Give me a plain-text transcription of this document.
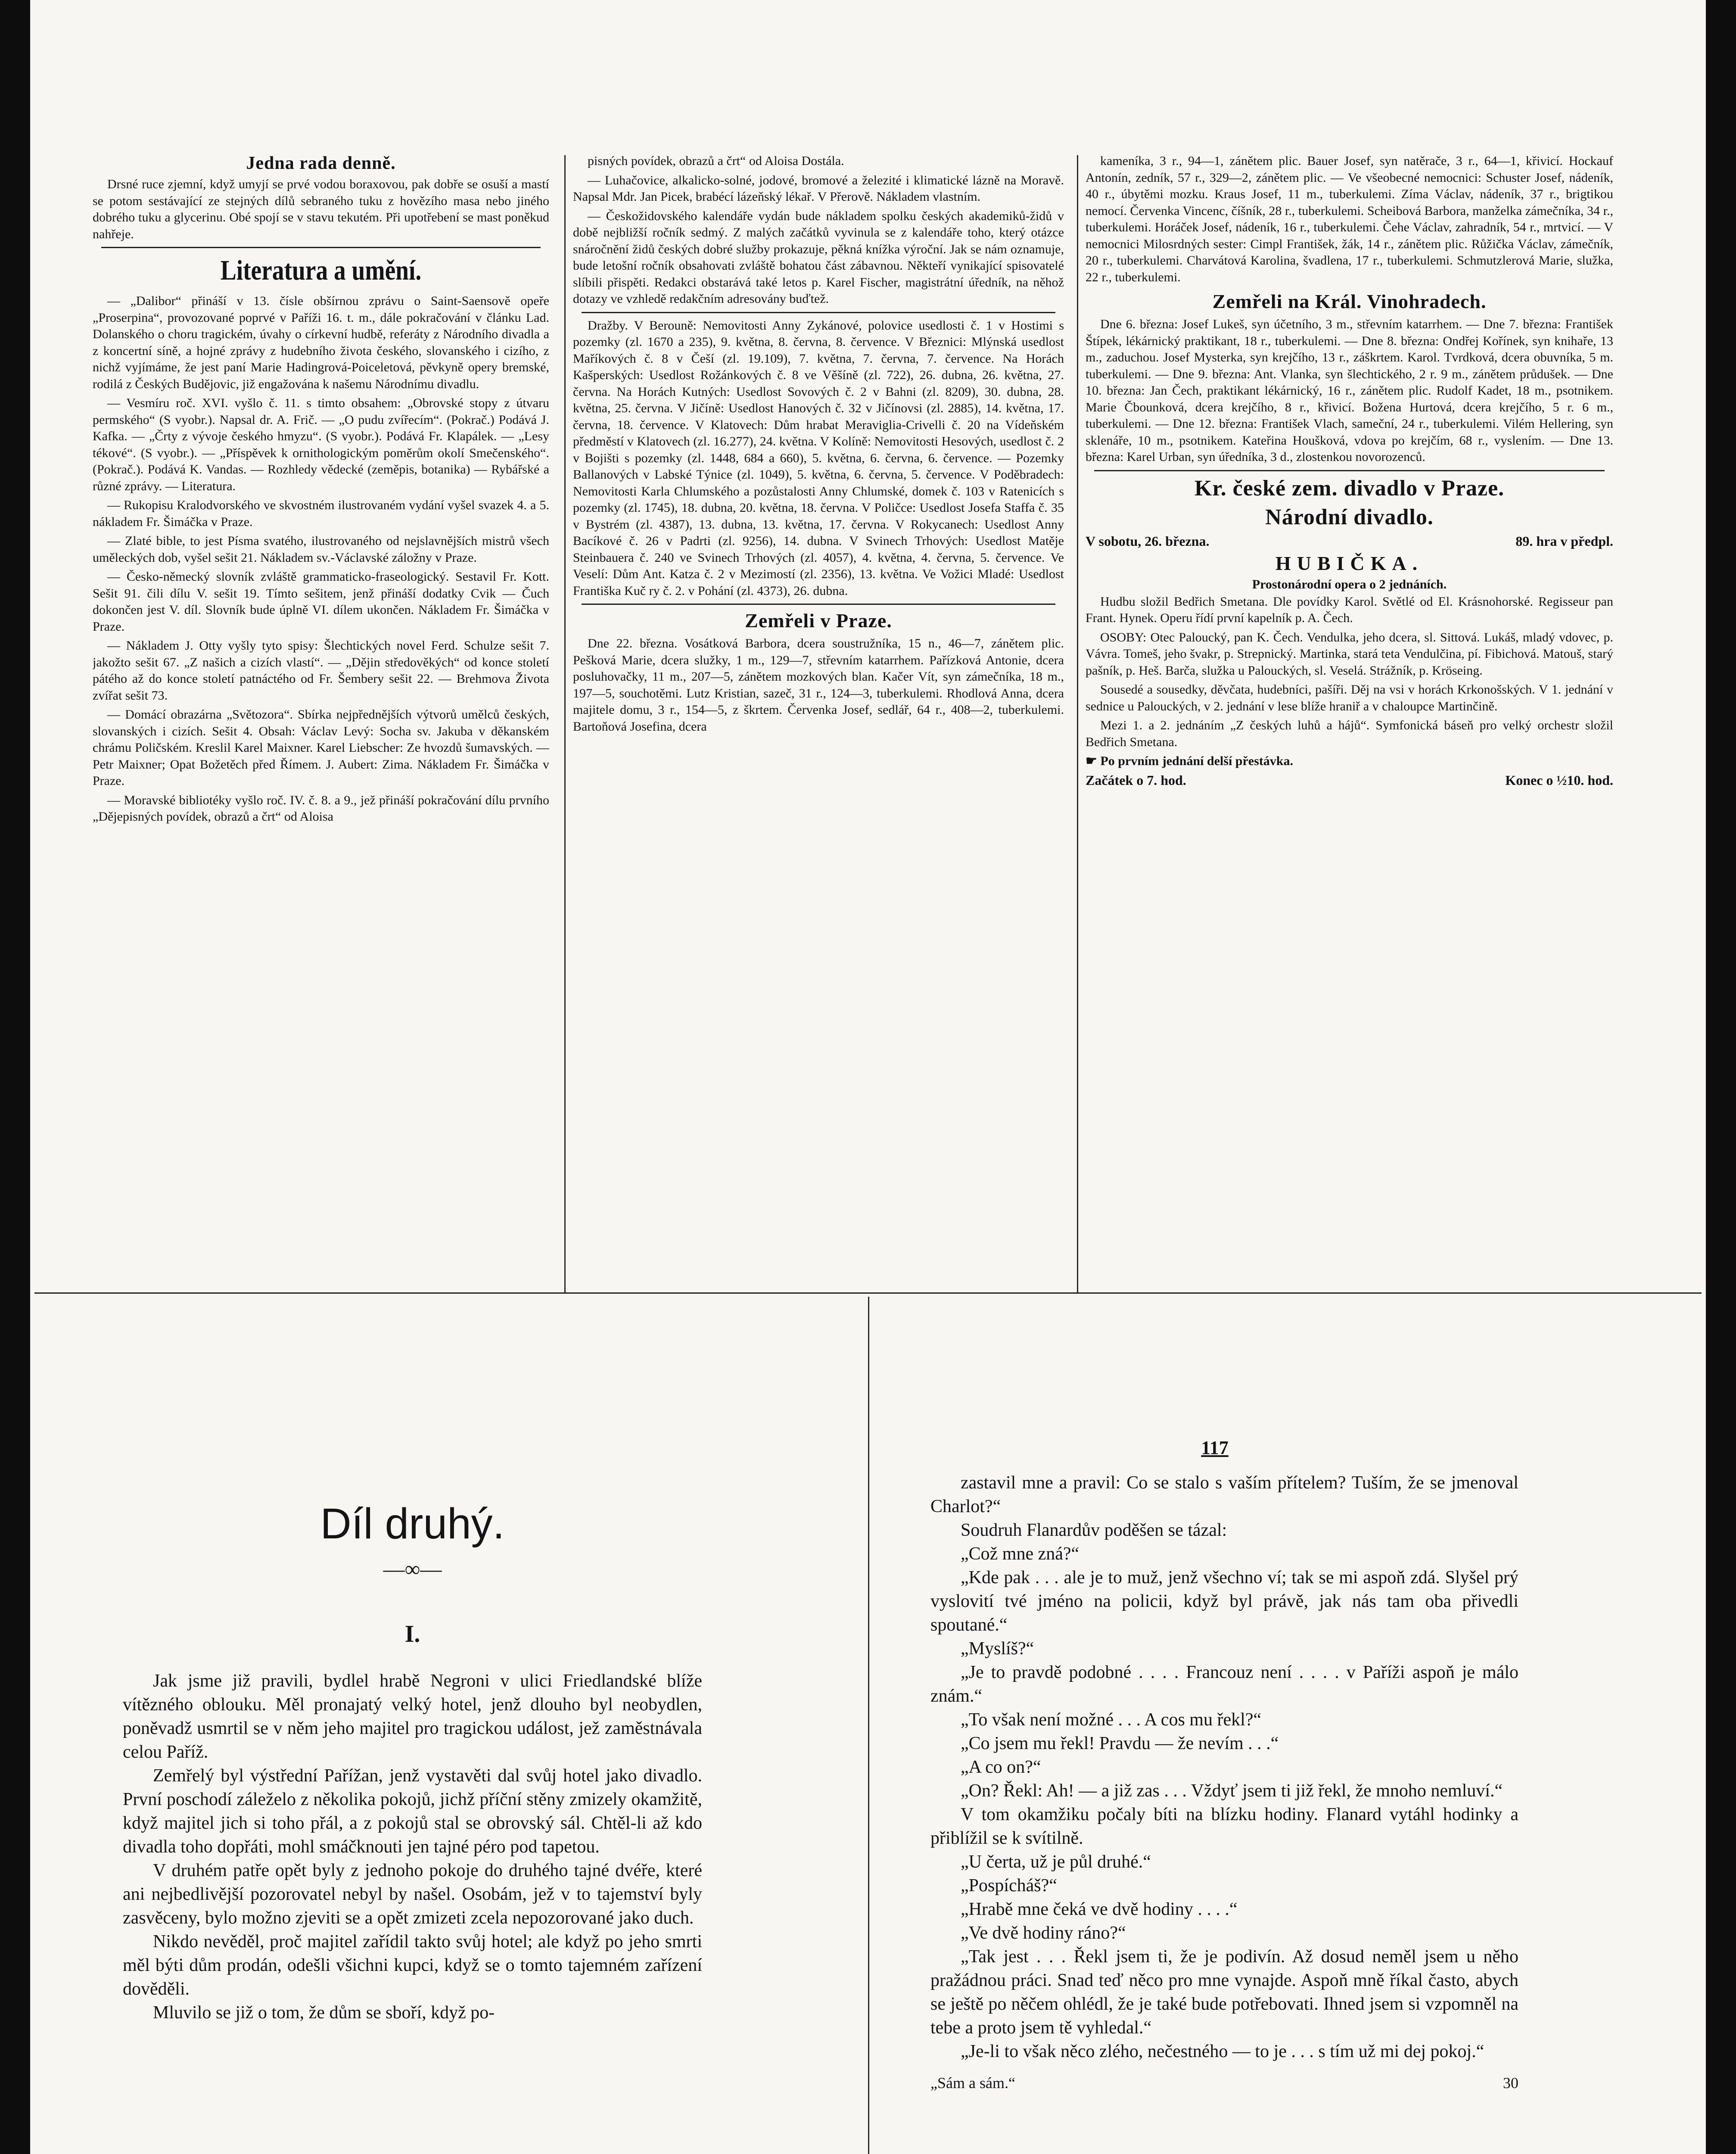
Jedna rada denně.

Drsné ruce zjemní, když umyjí se prvé vodou boraxovou, pak dobře se osuší a mastí se potom sestávající ze stejných dílů sebraného tuku z hovězího masa nebo jiného dobrého tuku a glycerinu. Obé spojí se v stavu tekutém. Při upotřebení se mast poněkud nahřeje.

Literatura a umění.

— „Dalibor“ přináší v 13. čísle obšírnou zprávu o Saint-Saensově opeře „Proserpina“, provozované poprvé v Paříži 16. t. m., dále pokračování v článku Lad. Dolanského o choru tragickém, úvahy o církevní hudbě, referáty z Národního divadla a z koncertní síně, a hojné zprávy z hudebního života českého, slovanského i cizího, z nichž vyjímáme, že jest paní Marie Hadingrová-Poiceletová, pěvkyně opery bremské, rodilá z Českých Budějovic, již engažována k našemu Národnímu divadlu.

— Vesmíru roč. XVI. vyšlo č. 11. s timto obsahem: „Obrovské stopy z útvaru permského“ (S vyobr.). Napsal dr. A. Frič. — „O pudu zvířecím“. (Pokrač.) Podává J. Kafka. — „Črty z vývoje českého hmyzu“. (S vyobr.). Podává Fr. Klapálek. — „Lesy tékové“. (S vyobr.). — „Příspěvek k ornithologickým poměrům okolí Smečenského“. (Pokrač.). Podává K. Vandas. — Rozhledy vědecké (zeměpis, botanika) — Rybářské a různé zprávy. — Literatura.

— Rukopisu Kralodvorského ve skvostném ilustrovaném vydání vyšel svazek 4. a 5. nákladem Fr. Šimáčka v Praze.

— Zlaté bible, to jest Písma svatého, ilustrovaného od nejslavnějších mistrů všech uměleckých dob, vyšel sešit 21. Nákladem sv.-Václavské záložny v Praze.

— Česko-německý slovník zvláště grammaticko-fraseologický. Sestavil Fr. Kott. Sešit 91. čili dílu V. sešit 19. Tímto sešitem, jenž přináší dodatky Cvik — Čuch dokončen jest V. díl. Slovník bude úplně VI. dílem ukončen. Nákladem Fr. Šimáčka v Praze.

— Nákladem J. Otty vyšly tyto spisy: Šlechtických novel Ferd. Schulze sešit 7. jakožto sešit 67. „Z našich a cizích vlastí“. — „Dějin středověkých“ od konce století pátého až do konce století patnáctého od Fr. Šembery sešit 22. — Brehmova Života zvířat sešit 73.

— Domácí obrazárna „Světozora“. Sbírka nejpřednějších výtvorů umělců českých, slovanských i cizích. Sešit 4. Obsah: Václav Levý: Socha sv. Jakuba v děkanském chrámu Poličském. Kreslil Karel Maixner. Karel Liebscher: Ze hvozdů šumavských. — Petr Maixner; Opat Božetěch před Římem. J. Aubert: Zima. Nákladem Fr. Šimáčka v Praze.

— Moravské bibliotéky vyšlo roč. IV. č. 8. a 9., jež přináší pokračování dílu prvního „Dějepisných povídek, obrazů a črt“ od Aloisa

pisných povídek, obrazů a črt“ od Aloisa Dostála.

— Luhačovice, alkalicko-solné, jodové, bromové a železité i klimatické lázně na Moravě. Napsal Mdr. Jan Picek, brabécí lázeňský lékař. V Přerově. Nákladem vlastním.

— Českožidovského kalendáře vydán bude nákladem spolku českých akademiků-židů v době nejbližší ročník sedmý. Z malých začátků vyvinula se z kalendáře toho, který otázce snáročnění židů českých dobré služby prokazuje, pěkná knížka výroční. Jak se nám oznamuje, bude letošní ročník obsahovati zvláště bohatou část zábavnou. Někteří vynikající spisovatelé slíbili přispěti. Redakci obstarává také letos p. Karel Fischer, magistrátní úředník, na něhož dotazy ve vzhledě redakčním adresovány buďtež.

Dražby. V Berouně: Nemovitosti Anny Zykánové, polovice usedlosti č. 1 v Hostimi s pozemky (zl. 1670 a 235), 9. května, 8. června, 8. července. V Březnici: Mlýnská usedlost Maříkových č. 8 v Češí (zl. 19.109), 7. května, 7. června, 7. července. Na Horách Kašperských: Usedlost Rožánkových č. 8 ve Věšíně (zl. 722), 26. dubna, 26. května, 27. června. Na Horách Kutných: Usedlost Sovových č. 2 v Bahni (zl. 8209), 30. dubna, 28. května, 25. června. V Jičíně: Usedlost Hanových č. 32 v Jičínovsi (zl. 2885), 14. května, 17. června, 18. července. V Klatovech: Dům hrabat Meraviglia-Crivelli č. 20 na Vídeňském předměstí v Klatovech (zl. 16.277), 24. května. V Kolíně: Nemovitosti Hesových, usedlost č. 2 v Bojišti s pozemky (zl. 1448, 684 a 660), 5. května, 6. června, 6. července. — Pozemky Ballanových v Labské Týnice (zl. 1049), 5. května, 6. června, 5. července. V Poděbradech: Nemovitosti Karla Chlumského a pozůstalosti Anny Chlumské, domek č. 103 v Ratenicích s pozemky (zl. 1745), 18. dubna, 20. května, 18. června. V Poličce: Usedlost Josefa Staffa č. 35 v Bystrém (zl. 4387), 13. dubna, 13. května, 17. června. V Rokycanech: Usedlost Anny Bacíkové č. 26 v Padrti (zl. 9256), 14. dubna. V Svinech Trhových: Usedlost Matěje Steinbauera č. 240 ve Svinech Trhových (zl. 4057), 4. května, 4. června, 5. července. Ve Veselí: Dům Ant. Katza č. 2 v Mezimostí (zl. 2356), 13. května. Ve Vožici Mladé: Usedlost Františka Kuč ry č. 2. v Pohání (zl. 4373), 26. dubna.

Zemřeli v Praze.

Dne 22. března. Vosátková Barbora, dcera soustružníka, 15 n., 46—7, zánětem plic. Pešková Marie, dcera služky, 1 m., 129—7, střevním katarrhem. Pařízková Antonie, dcera posluhovačky, 11 m., 207—5, zánětem mozkových blan. Kačer Vít, syn zámečníka, 18 m., 197—5, souchotěmi. Lutz Kristian, sazeč, 31 r., 124—3, tuberkulemi. Rhodlová Anna, dcera majitele domu, 3 r., 154—5, z škrtem. Červenka Josef, sedlář, 64 r., 408—2, tuberkulemi. Bartoňová Josefina, dcera

kameníka, 3 r., 94—1, zánětem plic. Bauer Josef, syn natěrače, 3 r., 64—1, křivicí. Hockauf Antonín, zedník, 57 r., 329—2, zánětem plic. — Ve všeobecné nemocnici: Schuster Josef, nádeník, 40 r., úbytěmi mozku. Kraus Josef, 11 m., tuberkulemi. Zíma Václav, nádeník, 37 r., brigtikou nemocí. Červenka Vincenc, číšník, 28 r., tuberkulemi. Scheibová Barbora, manželka zámečníka, 34 r., tuberkulemi. Horáček Josef, nádeník, 16 r., tuberkulemi. Čehe Václav, zahradník, 54 r., mrtvicí. — V nemocnici Milosrdných sester: Cimpl František, žák, 14 r., zánětem plic. Růžička Václav, zámečník, 20 r., tuberkulemi. Charvátová Karolina, švadlena, 17 r., tuberkulemi. Schmutzlerová Marie, služka, 22 r., tuberkulemi.

Zemřeli na Král. Vinohradech.

Dne 6. března: Josef Lukeš, syn účetního, 3 m., střevním katarrhem. — Dne 7. března: František Štípek, lékárnický praktikant, 18 r., tuberkulemi. — Dne 8. března: Ondřej Kořínek, syn knihaře, 13 m., zaduchou. Josef Mysterka, syn krejčího, 13 r., záškrtem. Karol. Tvrdková, dcera obuvníka, 5 m. tuberkulemi. — Dne 9. března: Ant. Vlanka, syn šlechtického, 2 r. 9 m., zánětem průdušek. — Dne 10. března: Jan Čech, praktikant lékárnický, 16 r., zánětem plic. Rudolf Kadet, 18 m., psotnikem. Marie Čbounková, dcera krejčího, 8 r., křivicí. Božena Hurtová, dcera krejčího, 5 r. 6 m., tuberkulemi. — Dne 12. března: František Vlach, sameční, 24 r., tuberkulemi. Vilém Hellering, syn sklenáře, 10 m., psotnikem. Kateřina Houšková, vdova po krejčím, 68 r., vyslením. — Dne 13. března: Karel Urban, syn úředníka, 3 d., zlostenkou novorozenců.

Kr. české zem. divadlo v Praze.
Národní divadlo.
V sobotu, 26. března.	89. hra v předpl.
HUBIČKA.
Prostonárodní opera o 2 jednáních.

Hudbu složil Bedřich Smetana. Dle povídky Karol. Světlé od El. Krásnohorské. Regisseur pan Frant. Hynek. Operu řídí první kapelník p. A. Čech.

OSOBY: Otec Paloucký, pan K. Čech. Vendulka, jeho dcera, sl. Sittová. Lukáš, mladý vdovec, p. Vávra. Tomeš, jeho švakr, p. Strepnický. Martinka, stará teta Vendulčina, pí. Fibichová. Matouš, starý pašník, p. Heš. Barča, služka u Palouckých, sl. Veselá. Strážník, p. Kröseing.

Sousedé a sousedky, děvčata, hudebníci, pašíři. Děj na vsi v horách Krkonošských. V 1. jednání v sednice u Palouckých, v 2. jednání v lese blíže hraniř a v chaloupce Martinčině.

Mezi 1. a 2. jednáním „Z českých luhů a hájů“. Symfonická báseň pro velký orchestr složil Bedřich Smetana.

☛ Po prvním jednání delší přestávka.

Začátek o 7. hod.	Konec o ½10. hod.
117
Díl druhý.
—∞—
I.

Jak jsme již pravili, bydlel hrabě Negroni v ulici Friedlandské blíže vítězného oblouku. Měl pronajatý velký hotel, jenž dlouho byl neobydlen, poněvadž usmrtil se v něm jeho majitel pro tragickou událost, jež zaměstnávala celou Paříž.

Zemřelý byl výstřední Pařížan, jenž vystavěti dal svůj hotel jako divadlo. První poschodí záleželo z několika pokojů, jichž příční stěny zmizely okamžitě, když majitel jich si toho přál, a z pokojů stal se obrovský sál. Chtěl-li až kdo divadla toho dopřáti, mohl smáčknouti jen tajné péro pod tapetou.

V druhém patře opět byly z jednoho pokoje do druhého tajné dvéře, které ani nejbedlivější pozorovatel nebyl by našel. Osobám, jež v to tajemství byly zasvěceny, bylo možno zjeviti se a opět zmizeti zcela nepozorované jako duch.

Nikdo nevěděl, proč majitel zařídil takto svůj hotel; ale když po jeho smrti měl býti dům prodán, odešli všichni kupci, když se o tomto tajemném zařízení dověděli.

Mluvilo se již o tom, že dům se sboří, když po-

zastavil mne a pravil: Co se stalo s vaším přítelem? Tuším, že se jmenoval Charlot?“

Soudruh Flanardův poděšen se tázal:

„Což mne zná?“

„Kde pak . . . ale je to muž, jenž všechno ví; tak se mi aspoň zdá. Slyšel prý vyslovití tvé jméno na policii, když byl právě, jak nás tam oba přivedli spoutané.“

„Myslíš?“

„Je to pravdě podobné . . . . Francouz není . . . . v Paříži aspoň je málo znám.“

„To však není možné . . . A cos mu řekl?“

„Co jsem mu řekl! Pravdu — že nevím . . .“

„A co on?“

„On? Řekl: Ah! — a již zas . . . Vždyť jsem ti již řekl, že mnoho nemluví.“

V tom okamžiku počaly bíti na blízku hodiny. Flanard vytáhl hodinky a přiblížil se k svítilně.

„U čerta, už je půl druhé.“

„Pospícháš?“

„Hrabě mne čeká ve dvě hodiny . . . .“

„Ve dvě hodiny ráno?“

„Tak jest . . . Řekl jsem ti, že je podivín. Až dosud neměl jsem u něho pražádnou práci. Snad teď něco pro mne vynajde. Aspoň mně říkal často, abych se ještě po něčem ohlédl, že je také bude potřebovati. Ihned jsem si vzpomněl na tebe a proto jsem tě vyhledal.“

„Je-li to však něco zlého, nečestného — to je . . . s tím už mi dej pokoj.“

„Sám a sám.“	30
